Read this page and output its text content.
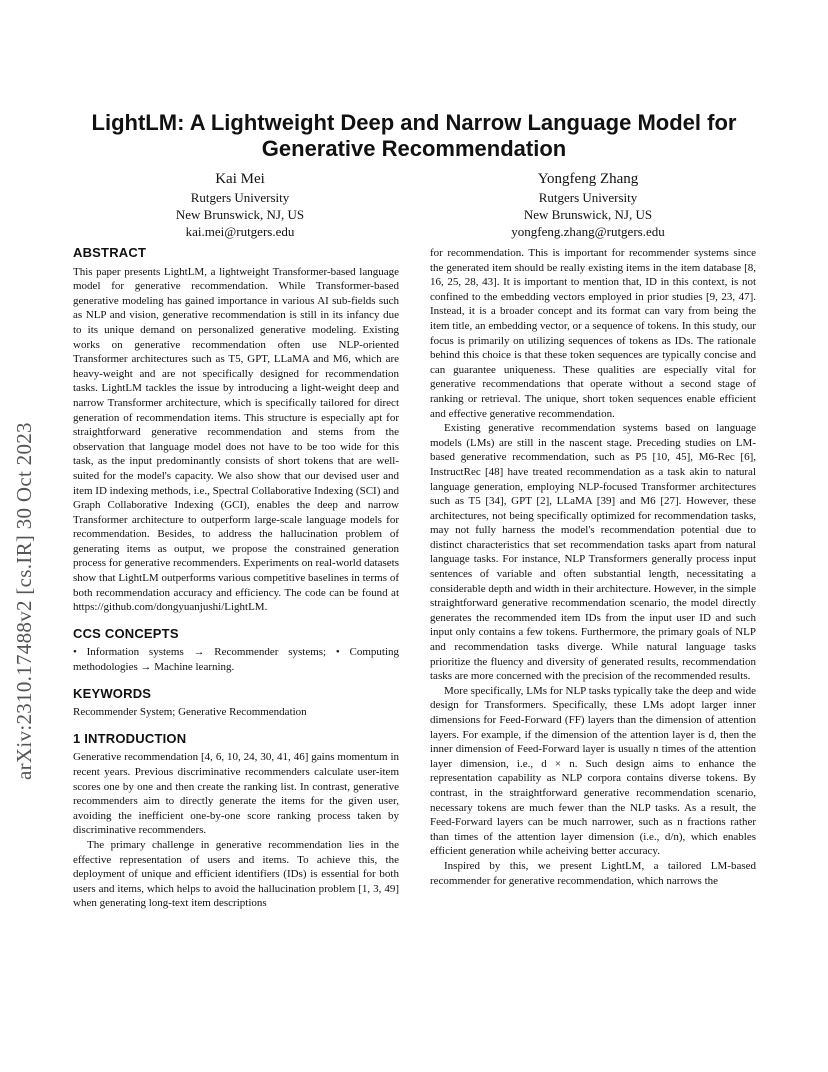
arXiv:2310.17488v2 [cs.IR] 30 Oct 2023
LightLM: A Lightweight Deep and Narrow Language Model for Generative Recommendation
Kai Mei
Rutgers University
New Brunswick, NJ, US
kai.mei@rutgers.edu
Yongfeng Zhang
Rutgers University
New Brunswick, NJ, US
yongfeng.zhang@rutgers.edu
ABSTRACT

This paper presents LightLM, a lightweight Transformer-based language model for generative recommendation. While Transformer-based generative modeling has gained importance in various AI sub-fields such as NLP and vision, generative recommendation is still in its infancy due to its unique demand on personalized generative modeling. Existing works on generative recommendation often use NLP-oriented Transformer architectures such as T5, GPT, LLaMA and M6, which are heavy-weight and are not specifically designed for recommendation tasks. LightLM tackles the issue by introducing a light-weight deep and narrow Transformer architecture, which is specifically tailored for direct generation of recommendation items. This structure is especially apt for straightforward generative recommendation and stems from the observation that language model does not have to be too wide for this task, as the input predominantly consists of short tokens that are well-suited for the model's capacity. We also show that our devised user and item ID indexing methods, i.e., Spectral Collaborative Indexing (SCI) and Graph Collaborative Indexing (GCI), enables the deep and narrow Transformer architecture to outperform large-scale language models for recommendation. Besides, to address the hallucination problem of generating items as output, we propose the constrained generation process for generative recommenders. Experiments on real-world datasets show that LightLM outperforms various competitive baselines in terms of both recommendation accuracy and efficiency. The code can be found at https://github.com/dongyuanjushi/LightLM.

CCS CONCEPTS

• Information systems → Recommender systems; • Computing methodologies → Machine learning.

KEYWORDS

Recommender System; Generative Recommendation

1 INTRODUCTION

Generative recommendation [4, 6, 10, 24, 30, 41, 46] gains momentum in recent years. Previous discriminative recommenders calculate user-item scores one by one and then create the ranking list. In contrast, generative recommenders aim to directly generate the items for the given user, avoiding the inefficient one-by-one score ranking process taken by discriminative recommenders.

The primary challenge in generative recommendation lies in the effective representation of users and items. To achieve this, the deployment of unique and efficient identifiers (IDs) is essential for both users and items, which helps to avoid the hallucination problem [1, 3, 49] when generating long-text item descriptions

for recommendation. This is important for recommender systems since the generated item should be really existing items in the item database [8, 16, 25, 28, 43]. It is important to mention that, ID in this context, is not confined to the embedding vectors employed in prior studies [9, 23, 47]. Instead, it is a broader concept and its format can vary from being the item title, an embedding vector, or a sequence of tokens. In this study, our focus is primarily on utilizing sequences of tokens as IDs. The rationale behind this choice is that these token sequences are typically concise and can guarantee uniqueness. These qualities are especially vital for generative recommendations that operate without a second stage of ranking or retrieval. The unique, short token sequences enable efficient and effective generative recommendation.

Existing generative recommendation systems based on language models (LMs) are still in the nascent stage. Preceding studies on LM-based generative recommendation, such as P5 [10, 45], M6-Rec [6], InstructRec [48] have treated recommendation as a task akin to natural language generation, employing NLP-focused Transformer architectures such as T5 [34], GPT [2], LLaMA [39] and M6 [27]. However, these architectures, not being specifically optimized for recommendation tasks, may not fully harness the model's recommendation potential due to distinct characteristics that set recommendation tasks apart from natural language tasks. For instance, NLP Transformers generally process input sentences of variable and often substantial length, necessitating a considerable depth and width in their architecture. However, in the simple straightforward generative recommendation scenario, the model directly generates the recommended item IDs from the input user ID and such input only contains a few tokens. Furthermore, the primary goals of NLP and recommendation tasks diverge. While natural language tasks prioritize the fluency and diversity of generated results, recommendation tasks are more concerned with the precision of the recommended results.

More specifically, LMs for NLP tasks typically take the deep and wide design for Transformers. Specifically, these LMs adopt larger inner dimensions for Feed-Forward (FF) layers than the dimension of attention layers. For example, if the dimension of the attention layer is d, then the inner dimension of Feed-Forward layer is usually n times of the attention layer dimension, i.e., d × n. Such design aims to enhance the representation capability as NLP corpora contains diverse tokens. By contrast, in the straightforward generative recommendation scenario, necessary tokens are much fewer than the NLP tasks. As a result, the Feed-Forward layers can be much narrower, such as n fractions rather than times of the attention layer dimension (i.e., d/n), which enables efficient generation while acheiving better accuracy.

Inspired by this, we present LightLM, a tailored LM-based recommender for generative recommendation, which narrows the
